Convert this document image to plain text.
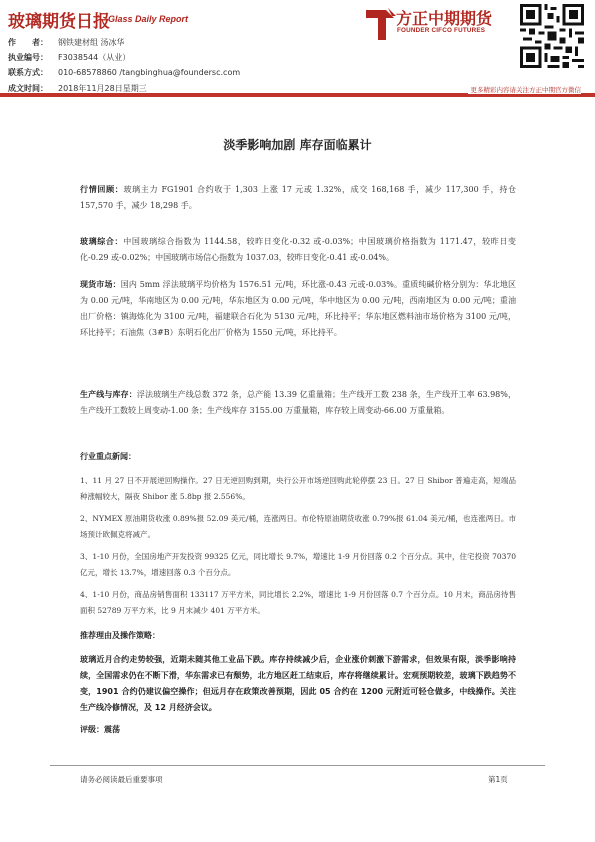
玻璃期货日报
Glass Daily Report
作　　者： 钢铁建材组 汤冰华
执业编号： F3038544（从业）
联系方式： 010-68578860 /tangbinghua@foundersc.com
成文时间： 2018年11月28日星期三
方正中期期货
FOUNDER CIFCO FUTURES
更多精彩内容请关注方正中期官方微信
淡季影响加剧 库存面临累计
行情回顾：玻璃主力 FG1901 合约收于 1,303 上涨 17 元或 1.32%，成交 168,168 手，减少 117,300 手，持仓 157,570 手，减少 18,298 手。
玻璃综合：中国玻璃综合指数为 1144.58，较昨日变化-0.32 或-0.03%；中国玻璃价格指数为 1171.47，较昨日变化-0.29 或-0.02%；中国玻璃市场信心指数为 1037.03，较昨日变化-0.41 或-0.04%。
现货市场：国内 5mm 浮法玻璃平均价格为 1576.51 元/吨，环比涨-0.43 元或-0.03%。重质纯碱价格分别为：华北地区为 0.00 元/吨，华南地区为 0.00 元/吨，华东地区为 0.00 元/吨，华中地区为 0.00 元/吨，西南地区为 0.00 元/吨；重油出厂价格：镇海炼化为 3100 元/吨，福建联合石化为 5130 元/吨，环比持平；华东地区燃料油市场价格为 3100 元/吨，环比持平；石油焦（3#B）东明石化出厂价格为 1550 元/吨，环比持平。
生产线与库存：浮法玻璃生产线总数 372 条，总产能 13.39 亿重量箱；生产线开工数 238 条，生产线开工率 63.98%，生产线开工数较上周变动-1.00 条；生产线库存 3155.00 万重量箱，库存较上周变动-66.00 万重量箱。
行业重点新闻：
1、11 月 27 日不开展逆回购操作。27 日无逆回购到期，央行公开市场逆回购此轮停摆 23 日。27 日 Shibor 普遍走高，短端品种涨幅较大，隔夜 Shibor 涨 5.8bp 报 2.556%。
2、NYMEX 原油期货收涨 0.89%报 52.09 美元/桶，连涨两日。布伦特原油期货收涨 0.79%报 61.04 美元/桶，也连涨两日。市场预计欧佩克将减产。
3、1-10 月份，全国房地产开发投资 99325 亿元，同比增长 9.7%，增速比 1-9 月份回落 0.2 个百分点。其中，住宅投资 70370 亿元，增长 13.7%，增速回落 0.3 个百分点。
4、1-10 月份，商品房销售面积 133117 万平方米，同比增长 2.2%，增速比 1-9 月份回落 0.7 个百分点。10 月末，商品房待售面积 52789 万平方米，比 9 月末减少 401 万平方米。
推荐理由及操作策略：
玻璃近月合约走势较强，近期未随其他工业品下跌。库存持续减少后，企业涨价刺激下游需求，但效果有限，淡季影响持续，全国需求仍在不断下滑，华东需求已有颓势，北方地区赶工结束后，库存将继续累计。宏观预期较差，玻璃下跌趋势不变，1901 合约仍建议偏空操作；但远月存在政策改善预期，因此 05 合约在 1200 元附近可轻仓做多，中线操作。关注生产线冷修情况，及 12 月经济会议。
评级：震荡
请务必阅读最后重要事项	第1页
